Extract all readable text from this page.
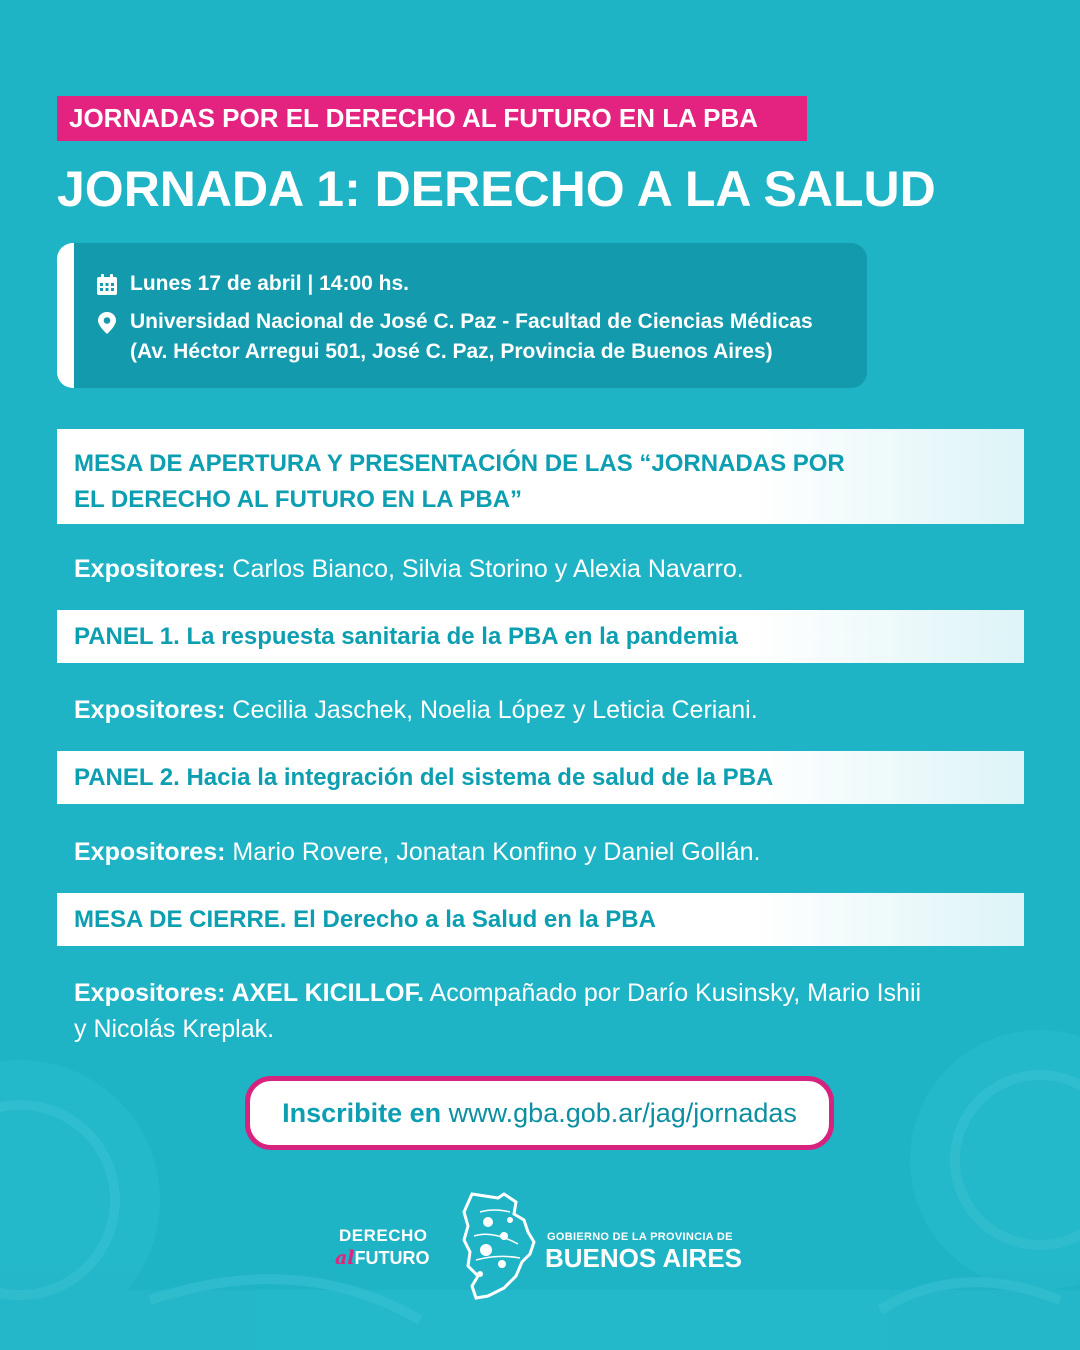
JORNADAS POR EL DERECHO AL FUTURO EN LA PBA
JORNADA 1: DERECHO A LA SALUD
Lunes 17 de abril | 14:00 hs.
Universidad Nacional de José C. Paz - Facultad de Ciencias Médicas
(Av. Héctor Arregui 501, José C. Paz, Provincia de Buenos Aires)
MESA DE APERTURA Y PRESENTACIÓN DE LAS “JORNADAS POR
EL DERECHO AL FUTURO EN LA PBA”

Expositores: Carlos Bianco, Silvia Storino y Alexia Navarro.

PANEL 1. La respuesta sanitaria de la PBA en la pandemia

Expositores: Cecilia Jaschek, Noelia López y Leticia Ceriani.

PANEL 2. Hacia la integración del sistema de salud de la PBA

Expositores: Mario Rovere, Jonatan Konfino y Daniel Gollán.

MESA DE CIERRE. El Derecho a la Salud en la PBA

Expositores: AXEL KICILLOF. Acompañado por Darío Kusinsky, Mario Ishii
y Nicolás Kreplak.

Inscribite en www.gba.gob.ar/jag/jornadas
DERECHO
alFUTURO
GOBIERNO DE LA PROVINCIA DE
BUENOS AIRES
